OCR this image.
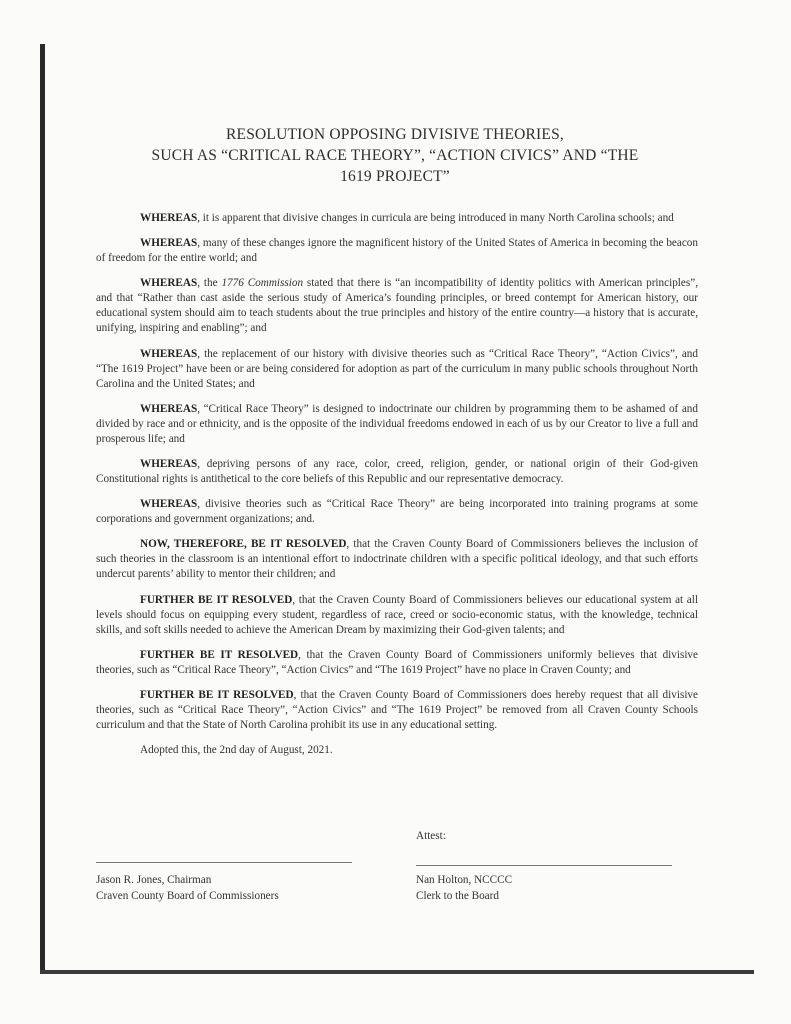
RESOLUTION OPPOSING DIVISIVE THEORIES,
SUCH AS “CRITICAL RACE THEORY”, “ACTION CIVICS” AND “THE
1619 PROJECT”

WHEREAS, it is apparent that divisive changes in curricula are being introduced in many North Carolina schools; and

WHEREAS, many of these changes ignore the magnificent history of the United States of America in becoming the beacon of freedom for the entire world; and

WHEREAS, the 1776 Commission stated that there is “an incompatibility of identity politics with American principles”, and that “Rather than cast aside the serious study of America’s founding principles, or breed contempt for American history, our educational system should aim to teach students about the true principles and history of the entire country—a history that is accurate, unifying, inspiring and enabling”; and

WHEREAS, the replacement of our history with divisive theories such as “Critical Race Theory”, “Action Civics”, and “The 1619 Project” have been or are being considered for adoption as part of the curriculum in many public schools throughout North Carolina and the United States; and

WHEREAS, “Critical Race Theory” is designed to indoctrinate our children by programming them to be ashamed of and divided by race and or ethnicity, and is the opposite of the individual freedoms endowed in each of us by our Creator to live a full and prosperous life; and

WHEREAS, depriving persons of any race, color, creed, religion, gender, or national origin of their God-given Constitutional rights is antithetical to the core beliefs of this Republic and our representative democracy.

WHEREAS, divisive theories such as “Critical Race Theory” are being incorporated into training programs at some corporations and government organizations; and.

NOW, THEREFORE, BE IT RESOLVED, that the Craven County Board of Commissioners believes the inclusion of such theories in the classroom is an intentional effort to indoctrinate children with a specific political ideology, and that such efforts undercut parents’ ability to mentor their children; and

FURTHER BE IT RESOLVED, that the Craven County Board of Commissioners believes our educational system at all levels should focus on equipping every student, regardless of race, creed or socio-economic status, with the knowledge, technical skills, and soft skills needed to achieve the American Dream by maximizing their God-given talents; and

FURTHER BE IT RESOLVED, that the Craven County Board of Commissioners uniformly believes that divisive theories, such as “Critical Race Theory”, “Action Civics” and “The 1619 Project” have no place in Craven County; and

FURTHER BE IT RESOLVED, that the Craven County Board of Commissioners does hereby request that all divisive theories, such as “Critical Race Theory”, “Action Civics” and “The 1619 Project” be removed from all Craven County Schools curriculum and that the State of North Carolina prohibit its use in any educational setting.

Adopted this, the 2nd day of August, 2021.
Attest:
Jason R. Jones, Chairman
Craven County Board of Commissioners
Nan Holton, NCCCC
Clerk to the Board
